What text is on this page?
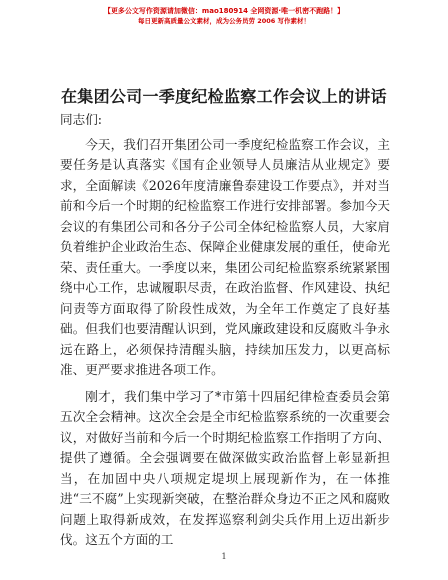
【更多公文写作资源请加微信：mao180914 全网资源·唯一机密不跑路！】
每日更新高质量公文素材，成为公务员劳 2006 写作素材！
在集团公司一季度纪检监察工作会议上的讲话

同志们:

今天，我们召开集团公司一季度纪检监察工作会议，主要任务是认真落实《国有企业领导人员廉洁从业规定》要求，全面解读《2026年度清廉鲁泰建设工作要点》，并对当前和今后一个时期的纪检监察工作进行安排部署。参加今天会议的有集团公司和各分子公司全体纪检监察人员，大家肩负着维护企业政治生态、保障企业健康发展的重任，使命光荣、责任重大。一季度以来，集团公司纪检监察系统紧紧围绕中心工作，忠诚履职尽责，在政治监督、作风建设、执纪问责等方面取得了阶段性成效，为全年工作奠定了良好基础。但我们也要清醒认识到，党风廉政建设和反腐败斗争永远在路上，必须保持清醒头脑，持续加压发力，以更高标准、更严要求推进各项工作。

刚才，我们集中学习了*市第十四届纪律检查委员会第五次全会精神。这次全会是全市纪检监察系统的一次重要会议，对做好当前和今后一个时期纪检监察工作指明了方向、提供了遵循。全会强调要在做深做实政治监督上彰显新担当，在加固中央八项规定堤坝上展现新作为，在一体推进“三不腐”上实现新突破，在整治群众身边不正之风和腐败问题上取得新成效，在发挥巡察利剑尖兵作用上迈出新步伐。这五个方面的工

1
